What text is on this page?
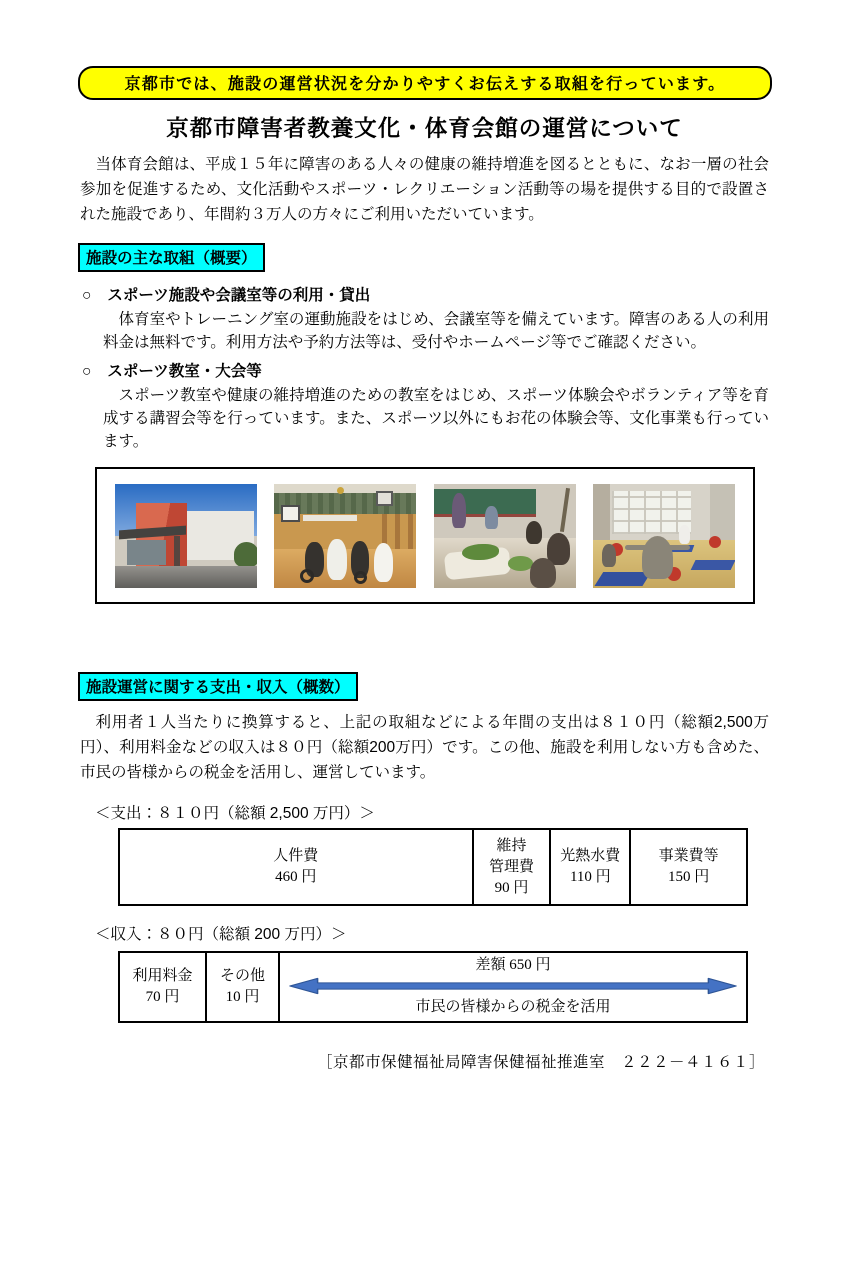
京都市では、施設の運営状況を分かりやすくお伝えする取組を行っています。
京都市障害者教養文化・体育会館の運営について

当体育会館は、平成１５年に障害のある人々の健康の維持増進を図るとともに、なお一層の社会参加を促進するため、文化活動やスポーツ・レクリエーション活動等の場を提供する目的で設置された施設であり、年間約３万人の方々にご利用いただいています。

施設の主な取組（概要）
○ スポーツ施設や会議室等の利用・貸出

体育室やトレーニング室の運動施設をはじめ、会議室等を備えています。障害のある人の利用料金は無料です。利用方法や予約方法等は、受付やホームページ等でご確認ください。

○ スポーツ教室・大会等

スポーツ教室や健康の維持増進のための教室をはじめ、スポーツ体験会やボランティア等を育成する講習会等を行っています。また、スポーツ以外にもお花の体験会等、文化事業も行っています。

施設運営に関する支出・収入（概数）

利用者１人当たりに換算すると、上記の取組などによる年間の支出は８１０円（総額2,500万円）、利用料金などの収入は８０円（総額200万円）です。この他、施設を利用しない方も含めた、市民の皆様からの税金を活用し、運営しています。

＜支出：８１０円（総額 2,500 万円）＞
人件費
460 円

維持
管理費
90 円

光熱水費
110 円

事業費等
150 円
＜収入：８０円（総額 200 万円）＞
利用料金
70 円
その他
10 円
差額 650 円
市民の皆様からの税金を活用
［京都市保健福祉局障害保健福祉推進室　２２２－４１６１］
